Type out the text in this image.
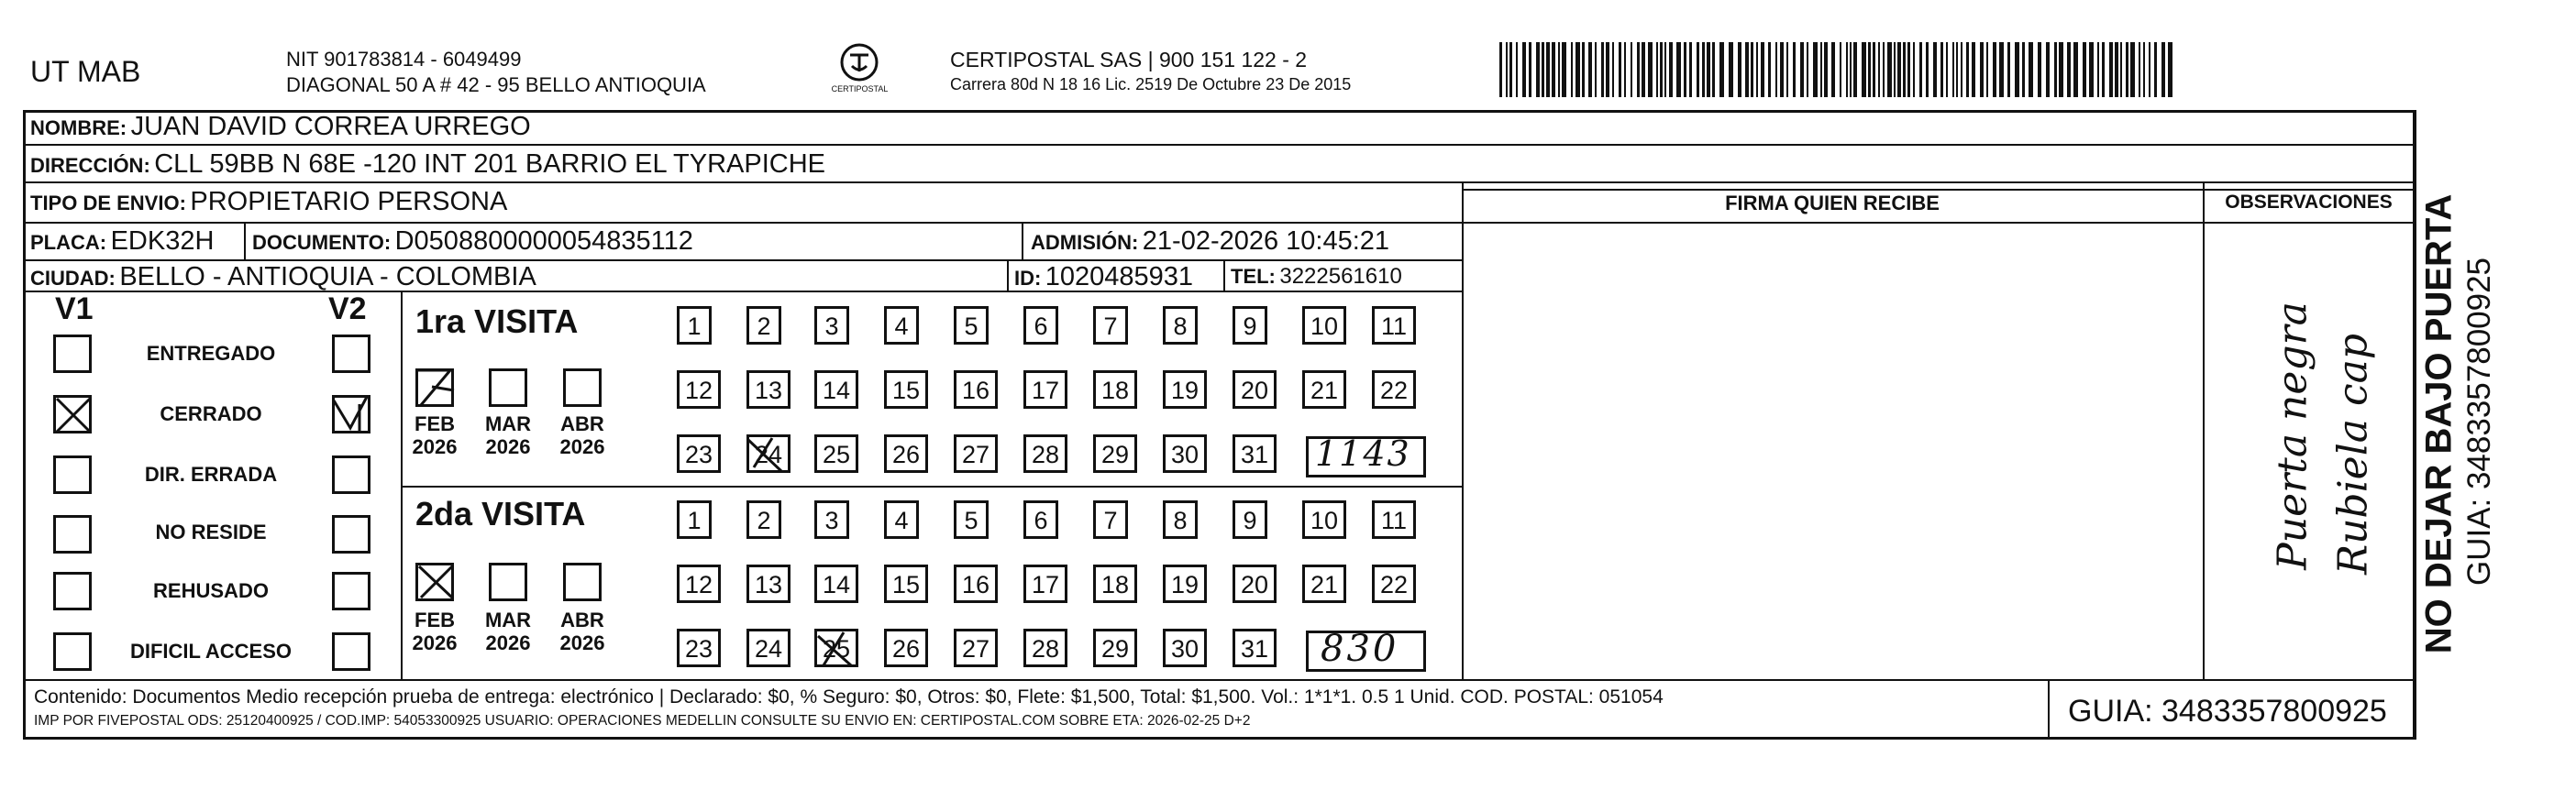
UT MAB	NIT 901783814 - 6049499
DIAGONAL 50 A # 42 - 95 BELLO ANTIOQUIA	CERTIPOSTAL
CERTIPOSTAL SAS | 900 151 122 - 2
Carrera 80d N 18 16 Lic. 2519 De Octubre 23 De 2015
NOMBRE: JUAN DAVID CORREA URREGO
DIRECCIÓN: CLL 59BB N 68E -120 INT 201 BARRIO EL TYRAPICHE
TIPO DE ENVIO: PROPIETARIO PERSONA
PLACA: EDK32H DOCUMENTO: D0508800000054835112	ADMISIÓN: 21-02-2026 10:45:21
CIUDAD: BELLO - ANTIOQUIA - COLOMBIA	ID: 1020485931 TEL: 3222561610
FIRMA QUIEN RECIBE	OBSERVACIONES
V1	V2
ENTREGADO
CERRADO
DIR. ERRADA
NO RESIDE
REHUSADO
DIFICIL ACCESO
1ra VISITA
FEB
2026
MAR
2026
ABR
2026
1	2	3	4	5	6	7	8	9	10	11
12	13	14	15	16	17	18	19	20	21	22
23	24	25	26	27	28	29	30	31 1143
2da VISITA
FEB
2026
MAR
2026
ABR
2026
1	2	3	4	5	6	7	8	9	10	11
12	13	14	15	16	17	18	19	20	21	22
23	24	25	26	27	28	29	30	31 830
Puerta negra Rubiela cap NO DEJAR BAJO PUERTA GUIA: 3483357800925
Contenido: Documentos Medio recepción prueba de entrega: electrónico | Declarado: $0, % Seguro: $0, Otros: $0, Flete: $1,500, Total: $1,500. Vol.: 1*1*1. 0.5 1 Unid. COD. POSTAL: 051054
IMP POR FIVEPOSTAL ODS: 25120400925 / COD.IMP: 54053300925 USUARIO: OPERACIONES MEDELLIN CONSULTE SU ENVIO EN: CERTIPOSTAL.COM SOBRE ETA: 2026-02-25 D+2	GUIA: 3483357800925
